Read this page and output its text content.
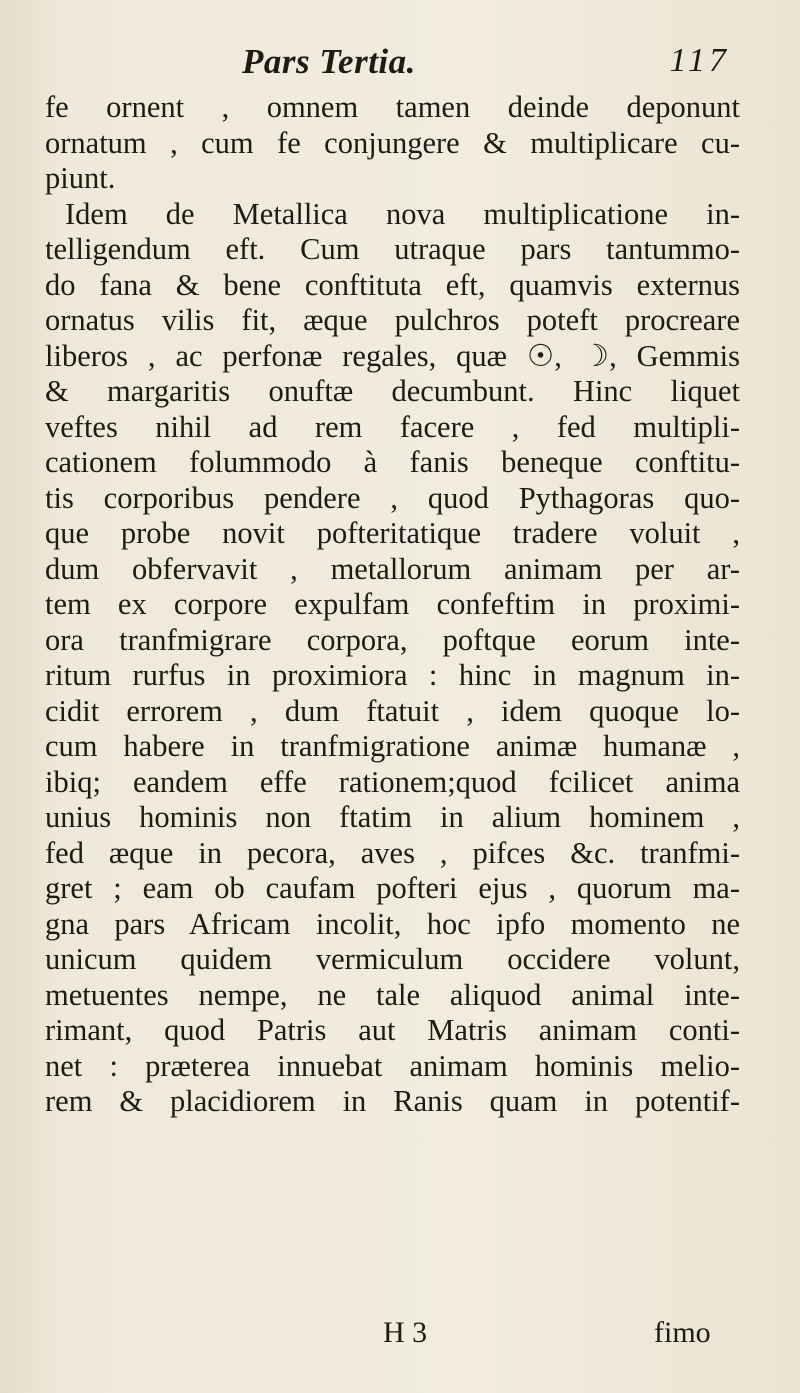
Pars Tertia.	117
fe ornent , omnem tamen deinde deponunt
ornatum , cum fe conjungere & multiplicare cu-
piunt.
Idem de Metallica nova multiplicatione in-
telligendum eft. Cum utraque pars tantummo-
do fana & bene conftituta eft, quamvis externus
ornatus vilis fit, æque pulchros poteft procreare
liberos , ac perfonæ regales, quæ ☉, ☽, Gemmis
& margaritis onuftæ decumbunt. Hinc liquet
veftes nihil ad rem facere , fed multipli-
cationem folummodo à fanis beneque conftitu-
tis corporibus pendere , quod Pythagoras quo-
que probe novit pofteritatique tradere voluit ,
dum obfervavit , metallorum animam per ar-
tem ex corpore expulfam confeftim in proximi-
ora tranfmigrare corpora, poftque eorum inte-
ritum rurfus in proximiora : hinc in magnum in-
cidit errorem , dum ftatuit , idem quoque lo-
cum habere in tranfmigratione animæ humanæ ,
ibiq; eandem effe rationem;quod fcilicet anima
unius hominis non ftatim in alium hominem ,
fed æque in pecora, aves , pifces &c. tranfmi-
gret ; eam ob caufam pofteri ejus , quorum ma-
gna pars Africam incolit, hoc ipfo momento ne
unicum quidem vermiculum occidere volunt,
metuentes nempe, ne tale aliquod animal inte-
rimant, quod Patris aut Matris animam conti-
net : præterea innuebat animam hominis melio-
rem & placidiorem in Ranis quam in potentif-
H 3	fimo
